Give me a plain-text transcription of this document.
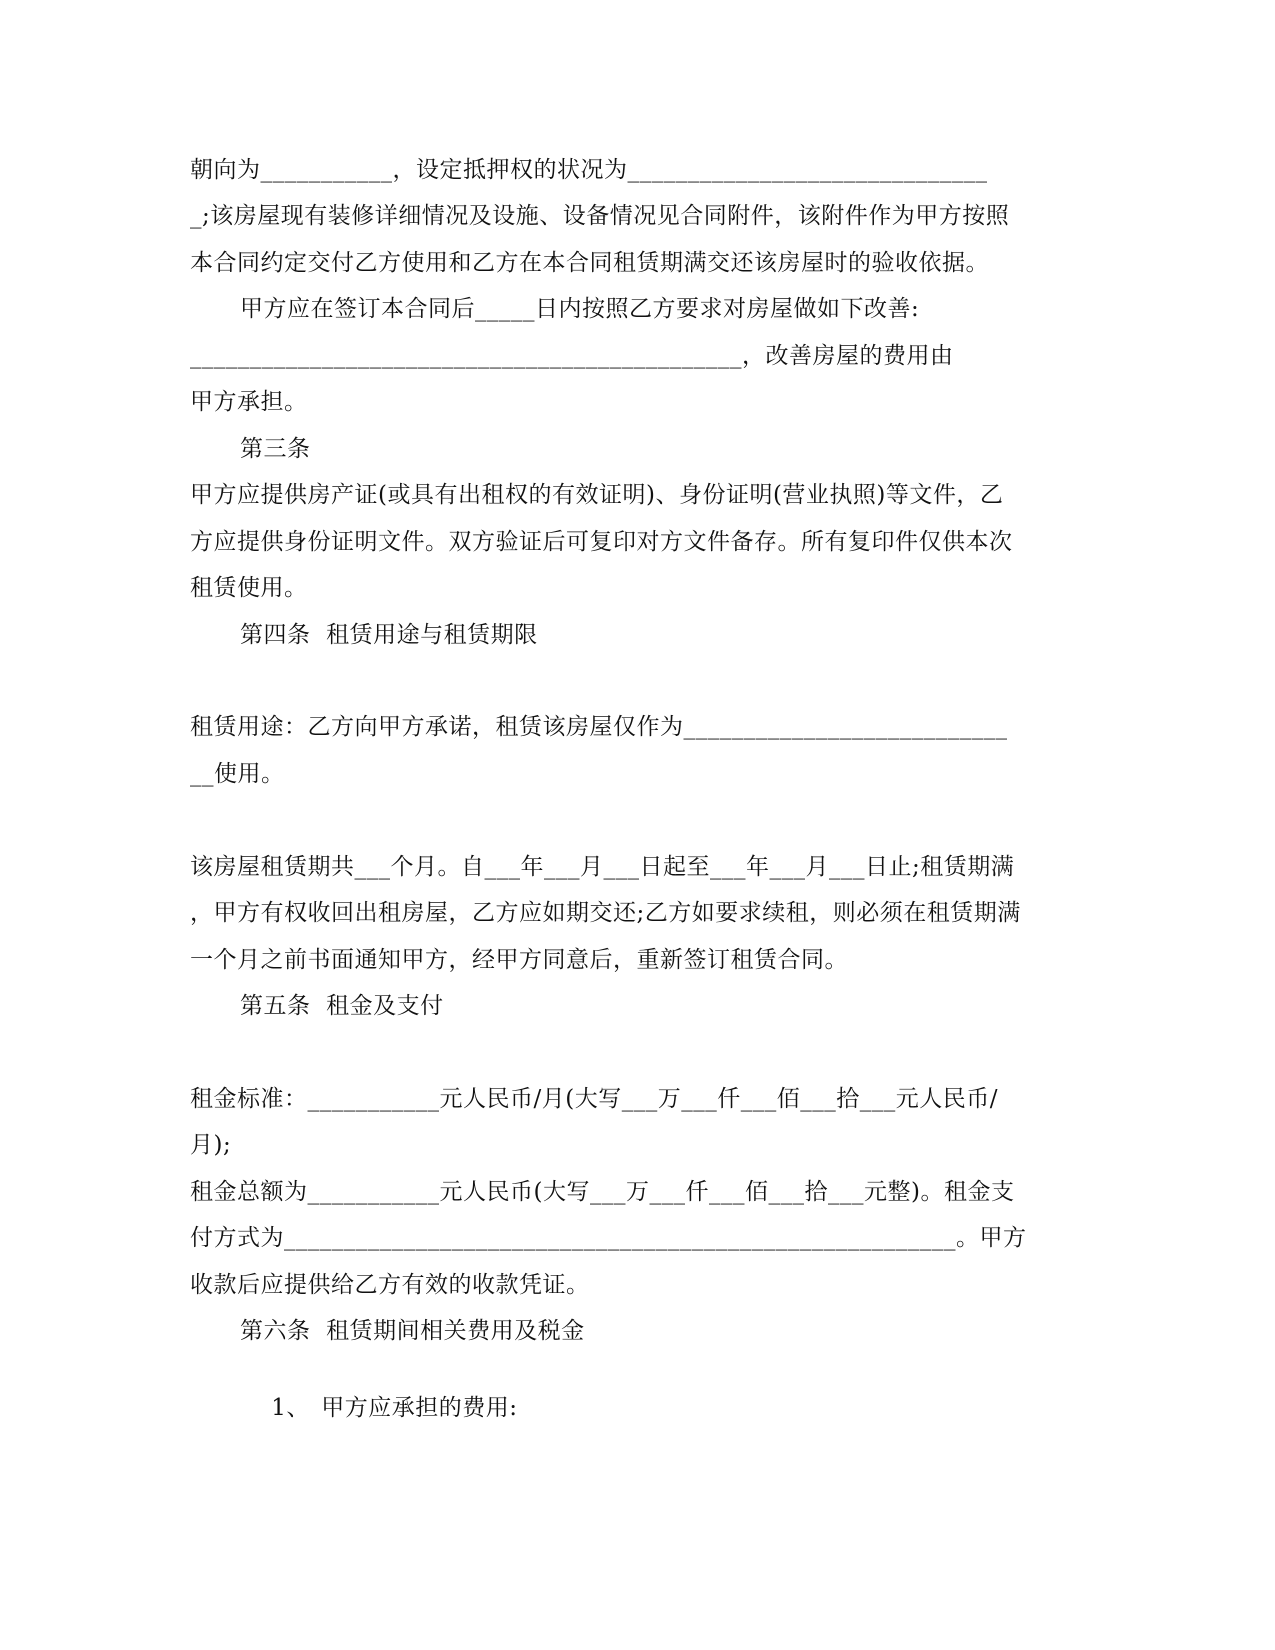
朝向为___________，设定抵押权的状况为______________________________
_;该房屋现有装修详细情况及设施、设备情况见合同附件，该附件作为甲方按照
本合同约定交付乙方使用和乙方在本合同租赁期满交还该房屋时的验收依据。
甲方应在签订本合同后_____日内按照乙方要求对房屋做如下改善:
______________________________________________，改善房屋的费用由
甲方承担。
第三条
甲方应提供房产证(或具有出租权的有效证明)、身份证明(营业执照)等文件，乙
方应提供身份证明文件。双方验证后可复印对方文件备存。所有复印件仅供本次
租赁使用。
第四条  租赁用途与租赁期限
租赁用途：乙方向甲方承诺，租赁该房屋仅作为___________________________
__使用。
该房屋租赁期共___个月。自___年___月___日起至___年___月___日止;租赁期满
，甲方有权收回出租房屋，乙方应如期交还;乙方如要求续租，则必须在租赁期满
一个月之前书面通知甲方，经甲方同意后，重新签订租赁合同。
第五条  租金及支付
租金标准：___________元人民币/月(大写___万___仟___佰___拾___元人民币/
月);
租金总额为___________元人民币(大写___万___仟___佰___拾___元整)。租金支
付方式为________________________________________________________。甲方
收款后应提供给乙方有效的收款凭证。
第六条  租赁期间相关费用及税金

1、 甲方应承担的费用:
